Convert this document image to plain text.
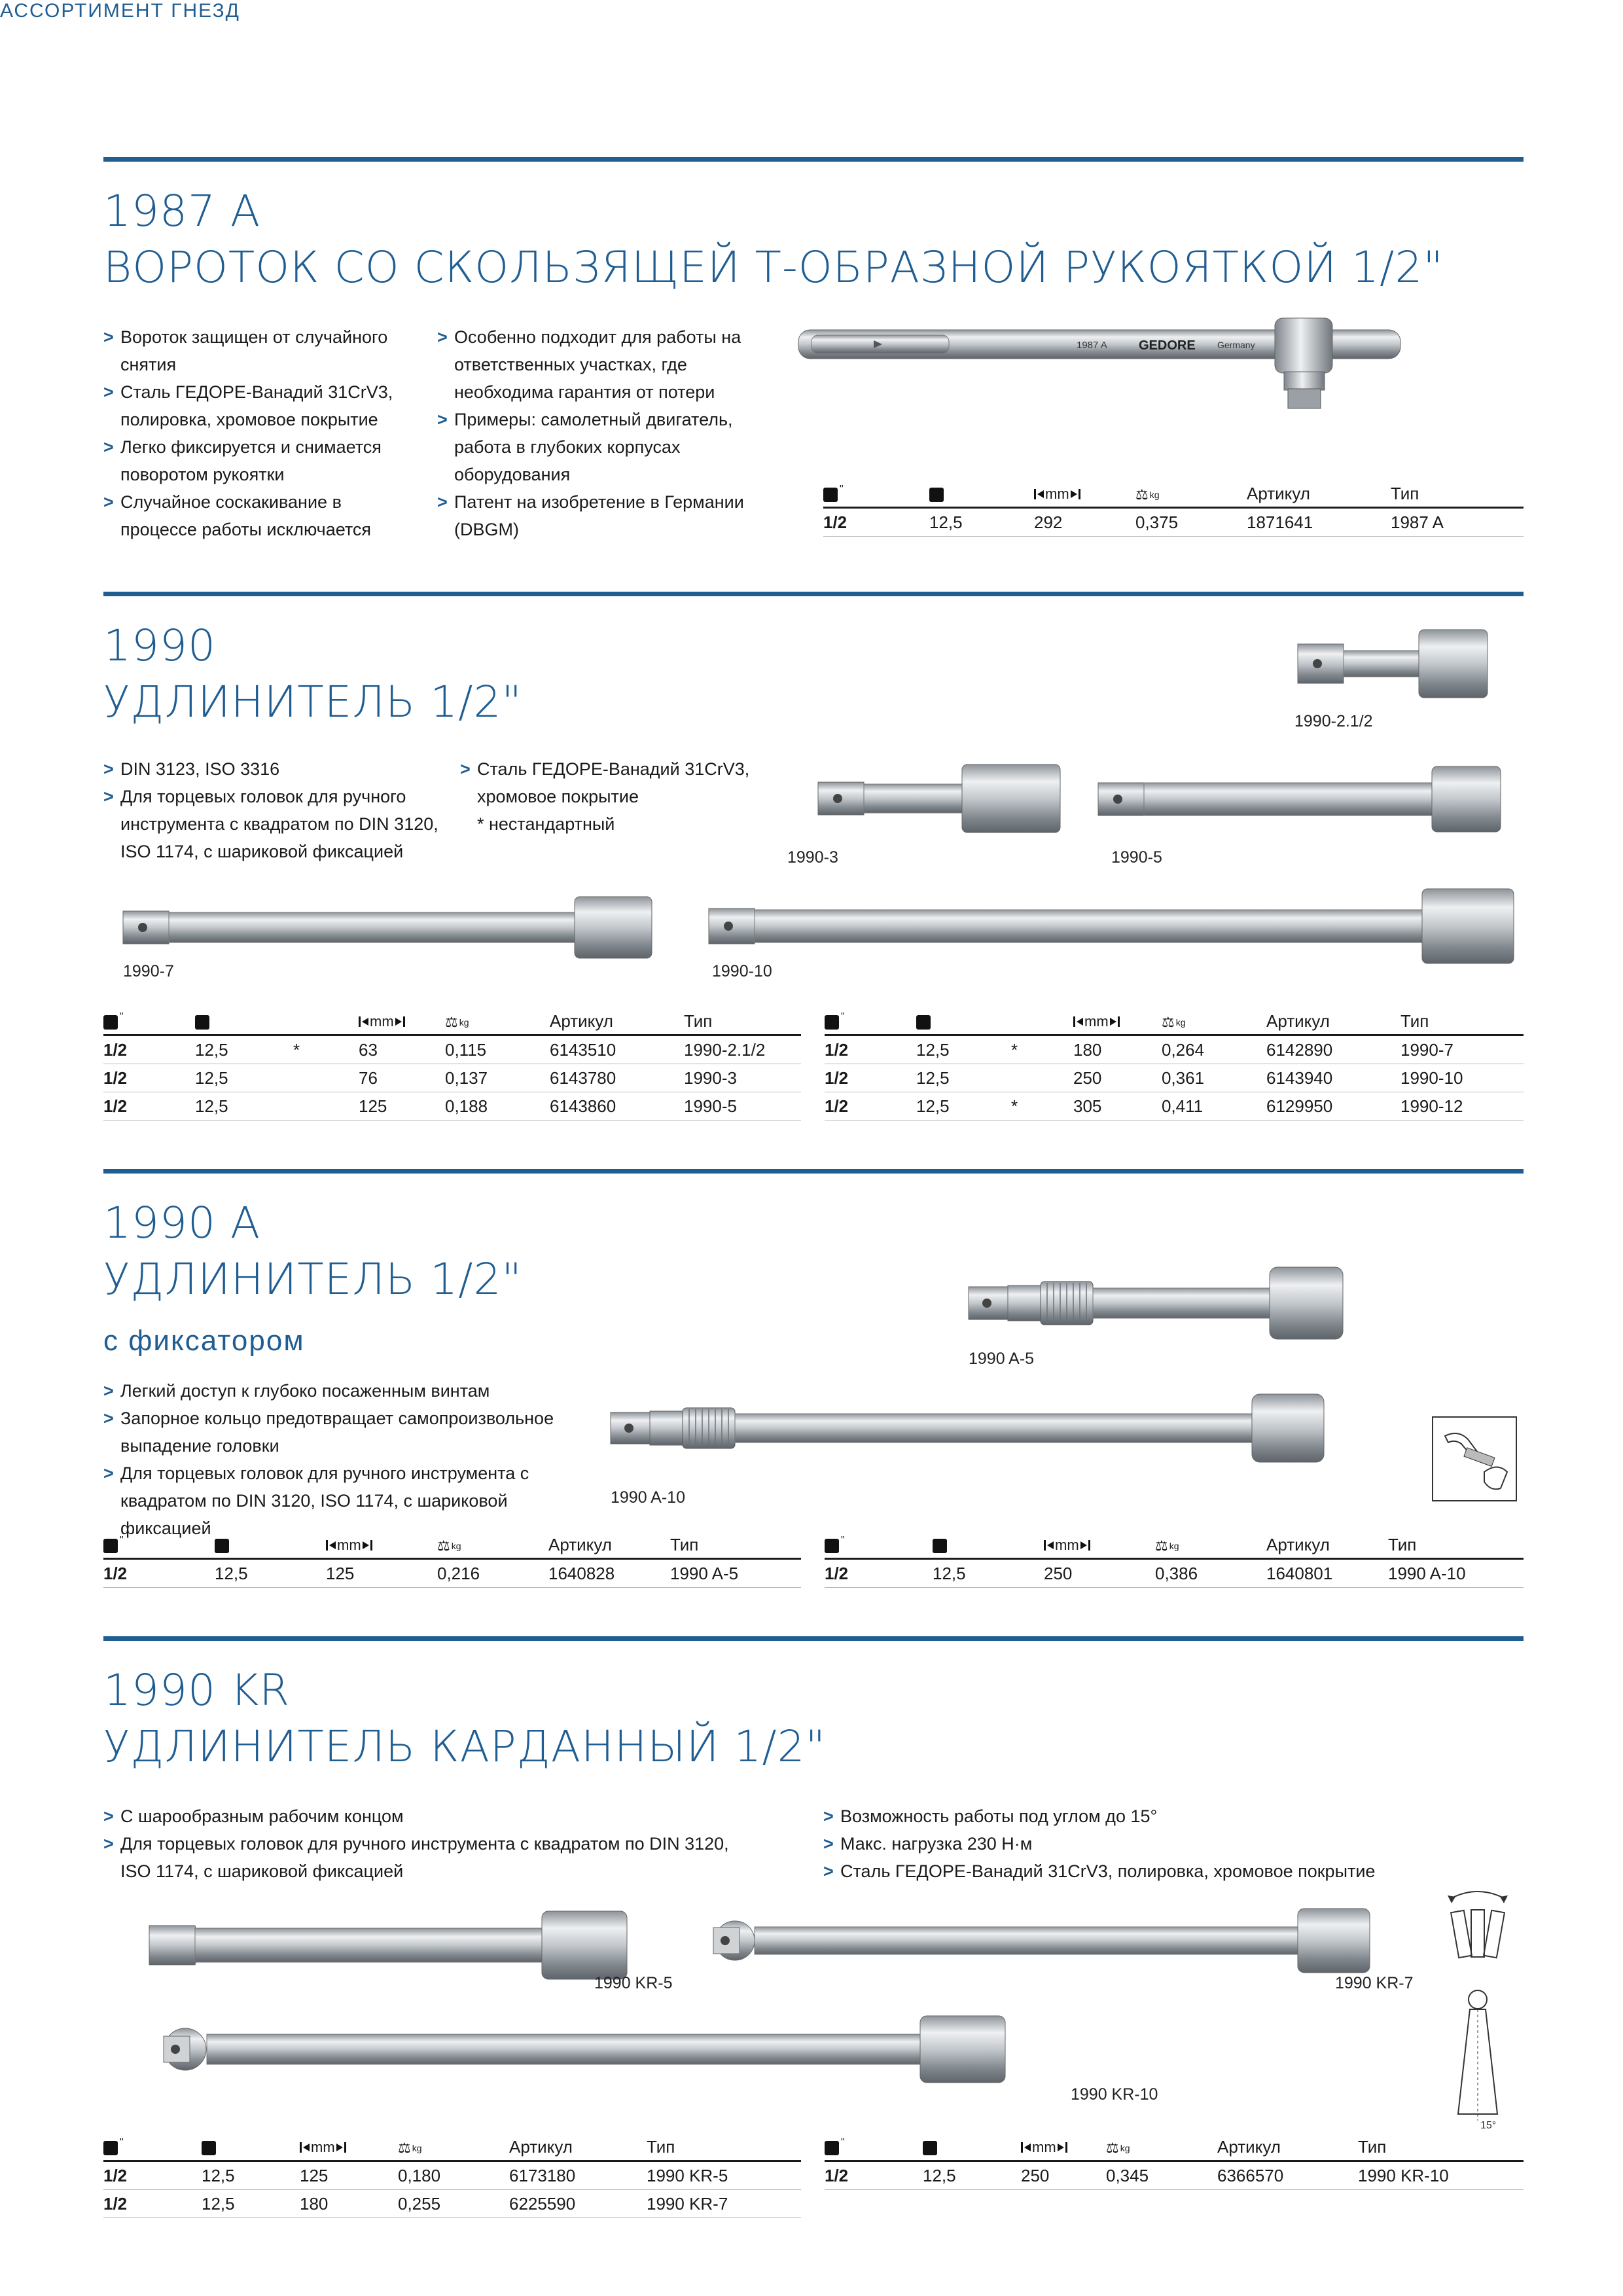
АССОРТИМЕНТ ГНЕЗД
1987 A
ВОРОТОК СО СКОЛЬЗЯЩЕЙ Т-ОБРАЗНОЙ РУКОЯТКОЙ 1/2"
> Вороток защищен от случайного снятия
> Сталь ГЕДОРЕ-Ванадий 31CrV3, полировка, хромовое покрытие
> Легко фиксируется и снимается поворотом рукоятки
> Случайное соскакивание в процессе работы исключается
> Особенно подходит для работы на ответственных участках, где необходима гарантия от потери
> Примеры: самолетный двигатель, работа в глубоких корпусах оборудования
> Патент на изобретение в Германии (DBGM)
1987 A GEDORE Germany
"		mm	⚖ kg	Артикул	Тип
1/2	12,5	292	0,375	1871641	1987 A
1990
УДЛИНИТЕЛЬ 1/2"
> DIN 3123, ISO 3316
> Для торцевых головок для ручного инструмента с квадратом по DIN 3120, ISO 1174, с шариковой фиксацией
> Сталь ГЕДОРЕ-Ванадий 31CrV3, хромовое покрытие
* нестандартный
1990-2.1/2
1990-3	1990-5
1990-7	1990-10
"			mm	⚖ kg	Артикул	Тип
1/2	12,5	*	63	0,115	6143510	1990-2.1/2
1/2	12,5		76	0,137	6143780	1990-3
1/2	12,5		125	0,188	6143860	1990-5
"			mm	⚖ kg	Артикул	Тип
1/2	12,5	*	180	0,264	6142890	1990-7
1/2	12,5		250	0,361	6143940	1990-10
1/2	12,5	*	305	0,411	6129950	1990-12
1990 A
УДЛИНИТЕЛЬ 1/2"
с фиксатором
> Легкий доступ к глубоко посаженным винтам
> Запорное кольцо предотвращает самопроизвольное выпадение головки
> Для торцевых головок для ручного инструмента с квадратом по DIN 3120, ISO 1174, с шариковой фиксацией
1990 A-5
1990 A-10
"		mm	⚖ kg	Артикул	Тип
1/2	12,5	125	0,216	1640828	1990 A-5
"		mm	⚖ kg	Артикул	Тип
1/2	12,5	250	0,386	1640801	1990 A-10
1990 KR
УДЛИНИТЕЛЬ КАРДАННЫЙ 1/2"
> С шарообразным рабочим концом
> Для торцевых головок для ручного инструмента с квадратом по DIN 3120, ISO 1174, с шариковой фиксацией
> Возможность работы под углом до 15°
> Макс. нагрузка 230 Н·м
> Сталь ГЕДОРЕ-Ванадий 31CrV3, полировка, хромовое покрытие
1990 KR-5	1990 KR-7
1990 KR-10
15°
"		mm	⚖ kg	Артикул	Тип
1/2	12,5	125	0,180	6173180	1990 KR-5
1/2	12,5	180	0,255	6225590	1990 KR-7
"		mm	⚖ kg	Артикул	Тип
1/2	12,5	250	0,345	6366570	1990 KR-10
